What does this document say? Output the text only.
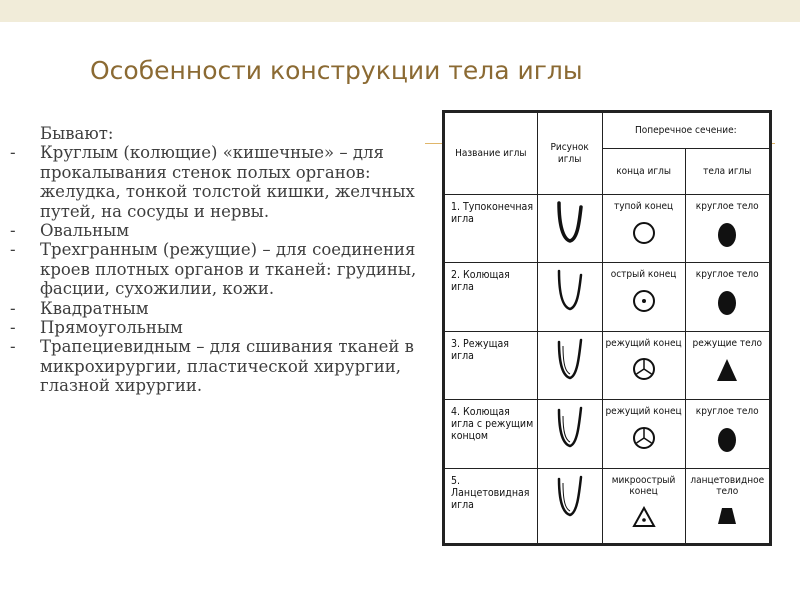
Особенности конструкции тела иглы
Бывают:
-	Круглым (колющие) «кишечные» – для прокалывания стенок полых органов: желудка, тонкой толстой кишки, желчных путей, на сосуды и нервы.
-	Овальным
-	Трехгранным (режущие) – для соединения кроев плотных органов и тканей: грудины, фасции, сухожилии, кожи.
-	Квадратным
-	Прямоугольным
-	Трапециевидным – для сшивания тканей в микрохирургии, пластической хирургии, глазной хирургии.
Название иглы	Рисунок иглы	Поперечное сечение:	
		конца иглы	тела иглы
1. Тупоконечная игла		тупой конец	круглое тело

2. Колющая игла		острый конец	круглое тело

3. Режущая игла		режущий конец	режущие тело

4. Колющая игла с режущим концом		режущий конец	круглое тело

5. Ланцетовидная игла		микроострый конец	ланцетовидное тело
